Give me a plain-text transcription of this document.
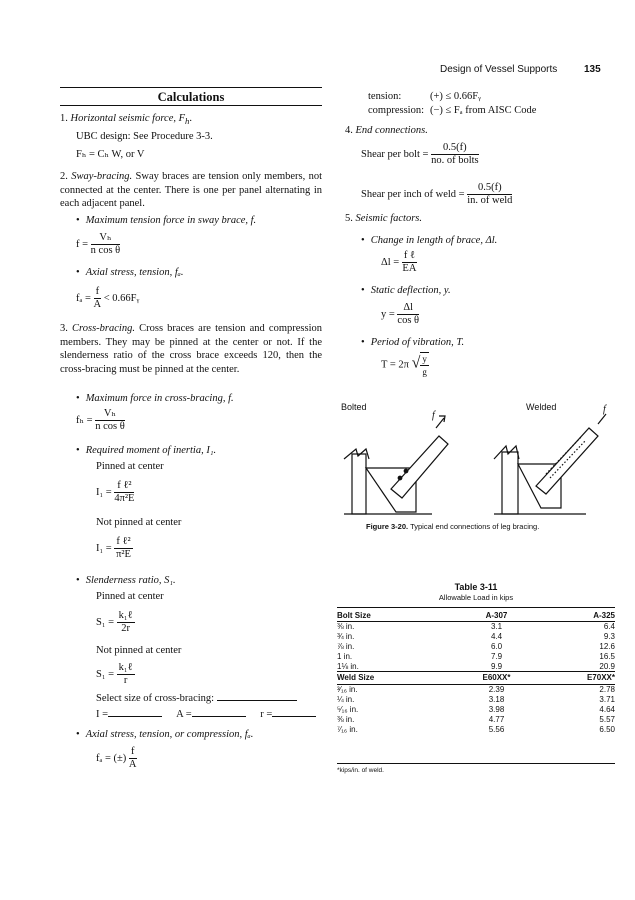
Design of Vessel Supports	135
Calculations
1. Horizontal seismic force, $F_h$.
UBC design: See Procedure 3-3.
Fₕ = Cₕ W, or V
2. Sway-bracing. Sway braces are tension only members, not connected at the center. There is one per panel alternating in each adjacent panel.
• Maximum tension force in sway brace, f.
$f = \frac{\text{Vₕ}}{\text{n cos θ}}$
• Axial stress, tension, fₐ.
$f_a = \frac{f}{A}$ < 0.66Fᵧ
3. Cross-bracing. Cross braces are tension and compression members. They may be pinned at the center or not. If the slenderness ratio of the cross brace exceeds 120, then the cross-bracing must be pinned at the center.
• Maximum force in cross-bracing, f.
$f_h = \frac{\text{Vₕ}}{\text{n cos θ}}$
• Required moment of inertia, I₁.
Pinned at center
$I_1 = \frac{\text{f ℓ²}}{\text{4π²E}}$
Not pinned at center
$I_1 = \frac{\text{f ℓ²}}{\text{π²E}}$
• Slenderness ratio, S₁.
Pinned at center
$S_1 = \frac{\text{k₁ℓ}}{2r}$
Not pinned at center
$S_1 = \frac{\text{k₁ℓ}}{r}$
Select size of cross-bracing:
I =	A =	r =
• Axial stress, tension, or compression, fₐ.
fₐ = (±) $\frac{f}{A}$
tension:	(+) ≤ 0.66Fᵧ
compression: (−) ≤ Fₐ from AISC Code
4. End connections.
Shear per bolt = $\frac{0.5(f)}{\text{no. of bolts}}$
Shear per inch of weld = $\frac{0.5(f)}{\text{in. of weld}}$
5. Seismic factors.
• Change in length of brace, Δl.
$\Delta l = \frac{\text{f ℓ}}{EA}$
• Static deflection, y.
$y = \frac{\Delta l}{\text{cos θ}}$
• Period of vibration, T.
T = 2π √ $\frac{y}{g}$
Bolted	Welded
f
f
Figure 3-20. Typical end connections of leg bracing.
Table 3-11
Allowable Load in kips
Bolt Size	A-307	A-325
⅜ in.	3.1	6.4
¾ in.	4.4	9.3
⅞ in.	6.0	12.6
1 in.	7.9	16.5
1⅛ in.	9.9	20.9
Weld Size	E60XX*	E70XX*
³⁄₁₆ in.	2.39	2.78
¼ in.	3.18	3.71
⁵⁄₁₆ in.	3.98	4.64
⅜ in.	4.77	5.57
⁷⁄₁₆ in.	5.56	6.50
*kips/in. of weld.
